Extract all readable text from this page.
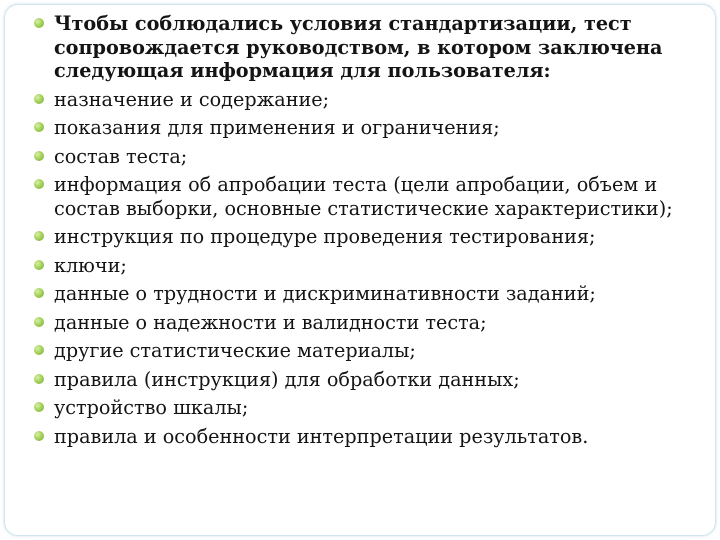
Чтобы соблюдались условия стандартизации, тест сопровождается руководством, в котором заключена следующая информация для пользователя:
назначение и содержание;
показания для применения и ограничения;
состав теста;
информация об апробации теста (цели апробации, объем и состав выборки, основные статистические характеристики);
инструкция по процедуре проведения тестирования;
ключи;
данные о трудности и дискриминативности заданий;
данные о надежности и валидности теста;
другие статистические материалы;
правила (инструкция) для обработки данных;
устройство шкалы;
правила и особенности интерпретации результатов.
